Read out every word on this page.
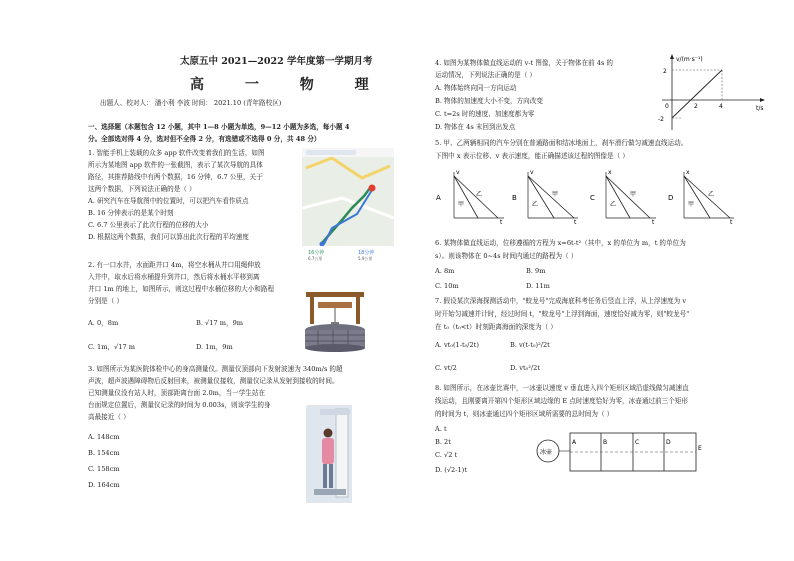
太原五中 2021—2022 学年度第一学期月考
高 一 物 理
出题人、校对人： 潘小利 李波 时间： 2021.10 (青年路校区)
一、选择题（本题包含 12 小题，其中 1—8 小题为单选，9—12 小题为多选，每小题 4
分。全部选对得 4 分，选对但不全得 2 分，有选错或不选得 0 分，共 48 分）
1. 智能手机上装载的众多 app 软件改变着我们的生活，如图
所示为某地图 app 软件的一张截图，表示了某次导航的具体
路径，其推荐路线中有两个数据，16 分钟，6.7 公里，关于
这两个数据，下列说法正确的是（ ）
A. 研究汽车在导航图中的位置时，可以把汽车看作质点
B. 16 分钟表示的是某个时刻
C. 6.7 公里表示了此次行程的位移的大小
D. 根据这两个数据，我们可以算出此次行程的平均速度
16分钟
6.7公里
18分钟
5.9公里
2. 有一口水井，水面距井口 4m，将空水桶从井口用绳伸放
入井中，取水后将水桶提升到井口，然后将水桶水平移到离
井口 1m 的地上，如图所示，则这过程中水桶位移的大小和路程
分别是（ ）
A. 0，8m	B. √17 m，9m
C. 1m，√17 m	D. 1m，9m
3. 如图所示为某医院体检中心的身高测量仪。测量仪顶部向下发射波速为 340m/s 的超
声波，超声波遇障碍物后反射回来，被测量仪接收，测量仪记录从发射到接收的时间。
已知测量仪没有站人时，顶部距离台面 2.0m，当一学生站在
台面规定位置后，测量仪记录的时间为 0.003s，则该学生的身
高最接近（ ）
A. 148cm
B. 154cm
C. 158cm
D. 164cm
4. 如图为某物体做直线运动的 v-t 图像，关于物体在前 4s 的
运动情况，下列说法正确的是（ ）
A. 物体始终向同一方向运动
B. 物体的加速度大小不变，方向改变
C. t=2s 时的速度、加速度都为零
D. 物体在 4s 末回到出发点
v/(m·s⁻¹)
t/s
2
-2
0	2	4
5. 甲、乙两辆相同的汽车分别在普通路面和结冰地面上，刹车滑行做匀减速直线运动。
下图中 x 表示位移、v 表示速度，能正确描述该过程的图像是（ ）
A
v
乙
甲
t
B
v
甲
乙
t
C
x
甲
乙
t
D
x
乙
甲
t
6. 某物体做直线运动，位移遵循的方程为 x=6t-t²（其中，x 的单位为 m，t 的单位为
s）。则该物体在 0~4s 时间内通过的路程为（ ）
A. 8m	B. 9m
C. 10m	D. 11m
7. 假设某次深海探测活动中，"蛟龙号"完成海底科考任务后竖直上浮，从上浮速度为 v
时开始匀减速并计时，经过时间 t，"蛟龙号"上浮到海面，速度恰好减为零，则"蛟龙号"
在 t₀（t₀<t）时刻距离海面的深度为（ ）
A. vt₀(1-t₀/2t)	B. v(t-t₀)²/2t
C. vt/2	D. vt₀²/2t
8. 如图所示，在冰壶比赛中，一冰壶以速度 v 垂直进入四个矩形区域沿虚线做匀减速直
线运动，且刚要离开第四个矩形区域边缘的 E 点时速度恰好为零，冰壶通过前三个矩形
的时间为 t，则冰壶通过四个矩形区域所需要的总时间为（ ）
A. t
B. 2t
C. √2 t
D. (√2-1)t
冰壶
A	B	C	D
E
